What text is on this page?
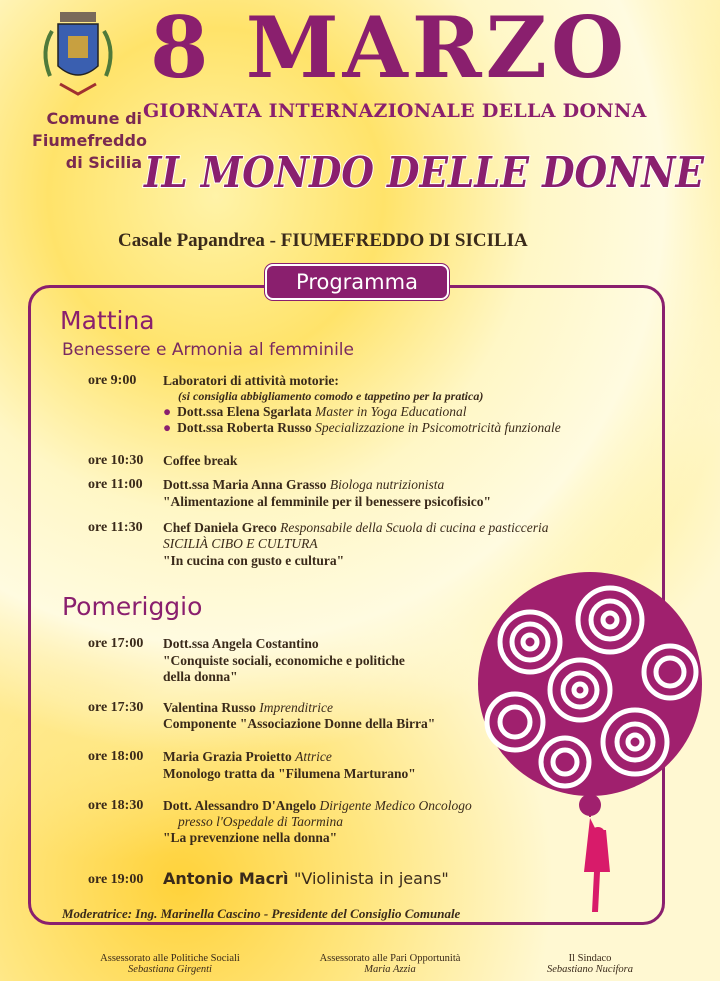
Comune di
Fiumefreddo
di Sicilia
8 MARZO
GIORNATA INTERNAZIONALE DELLA DONNA
IL MONDO DELLE DONNE
Casale Papandrea - FIUMEFREDDO DI SICILIA
Programma
Mattina
Benessere e Armonia al femminile
ore 9:00 Laboratori di attività motorie:
(si consiglia abbigliamento comodo e tappetino per la pratica)
● Dott.ssa Elena Sgarlata Master in Yoga Educational
● Dott.ssa Roberta Russo Specializzazione in Psicomotricità funzionale
ore 10:30 Coffee break
ore 11:00 Dott.ssa Maria Anna Grasso Biologa nutrizionista
"Alimentazione al femminile per il benessere psicofisico"
ore 11:30 Chef Daniela Greco Responsabile della Scuola di cucina e pasticceria
SICILIÀ CIBO E CULTURA
"In cucina con gusto e cultura"
Pomeriggio
ore 17:00 Dott.ssa Angela Costantino
"Conquiste sociali, economiche e politiche
della donna"
ore 17:30 Valentina Russo Imprenditrice
Componente "Associazione Donne della Birra"
ore 18:00 Maria Grazia Proietto Attrice
Monologo tratta da "Filumena Marturano"
ore 18:30 Dott. Alessandro D'Angelo Dirigente Medico Oncologo
presso l'Ospedale di Taormina
"La prevenzione nella donna"
ore 19:00 Antonio Macrì "Violinista in jeans"
Moderatrice: Ing. Marinella Cascino - Presidente del Consiglio Comunale
Assessorato alle Politiche Sociali
Sebastiana Girgenti
Assessorato alle Pari Opportunità
Maria Azzia
Il Sindaco
Sebastiano Nucifora
